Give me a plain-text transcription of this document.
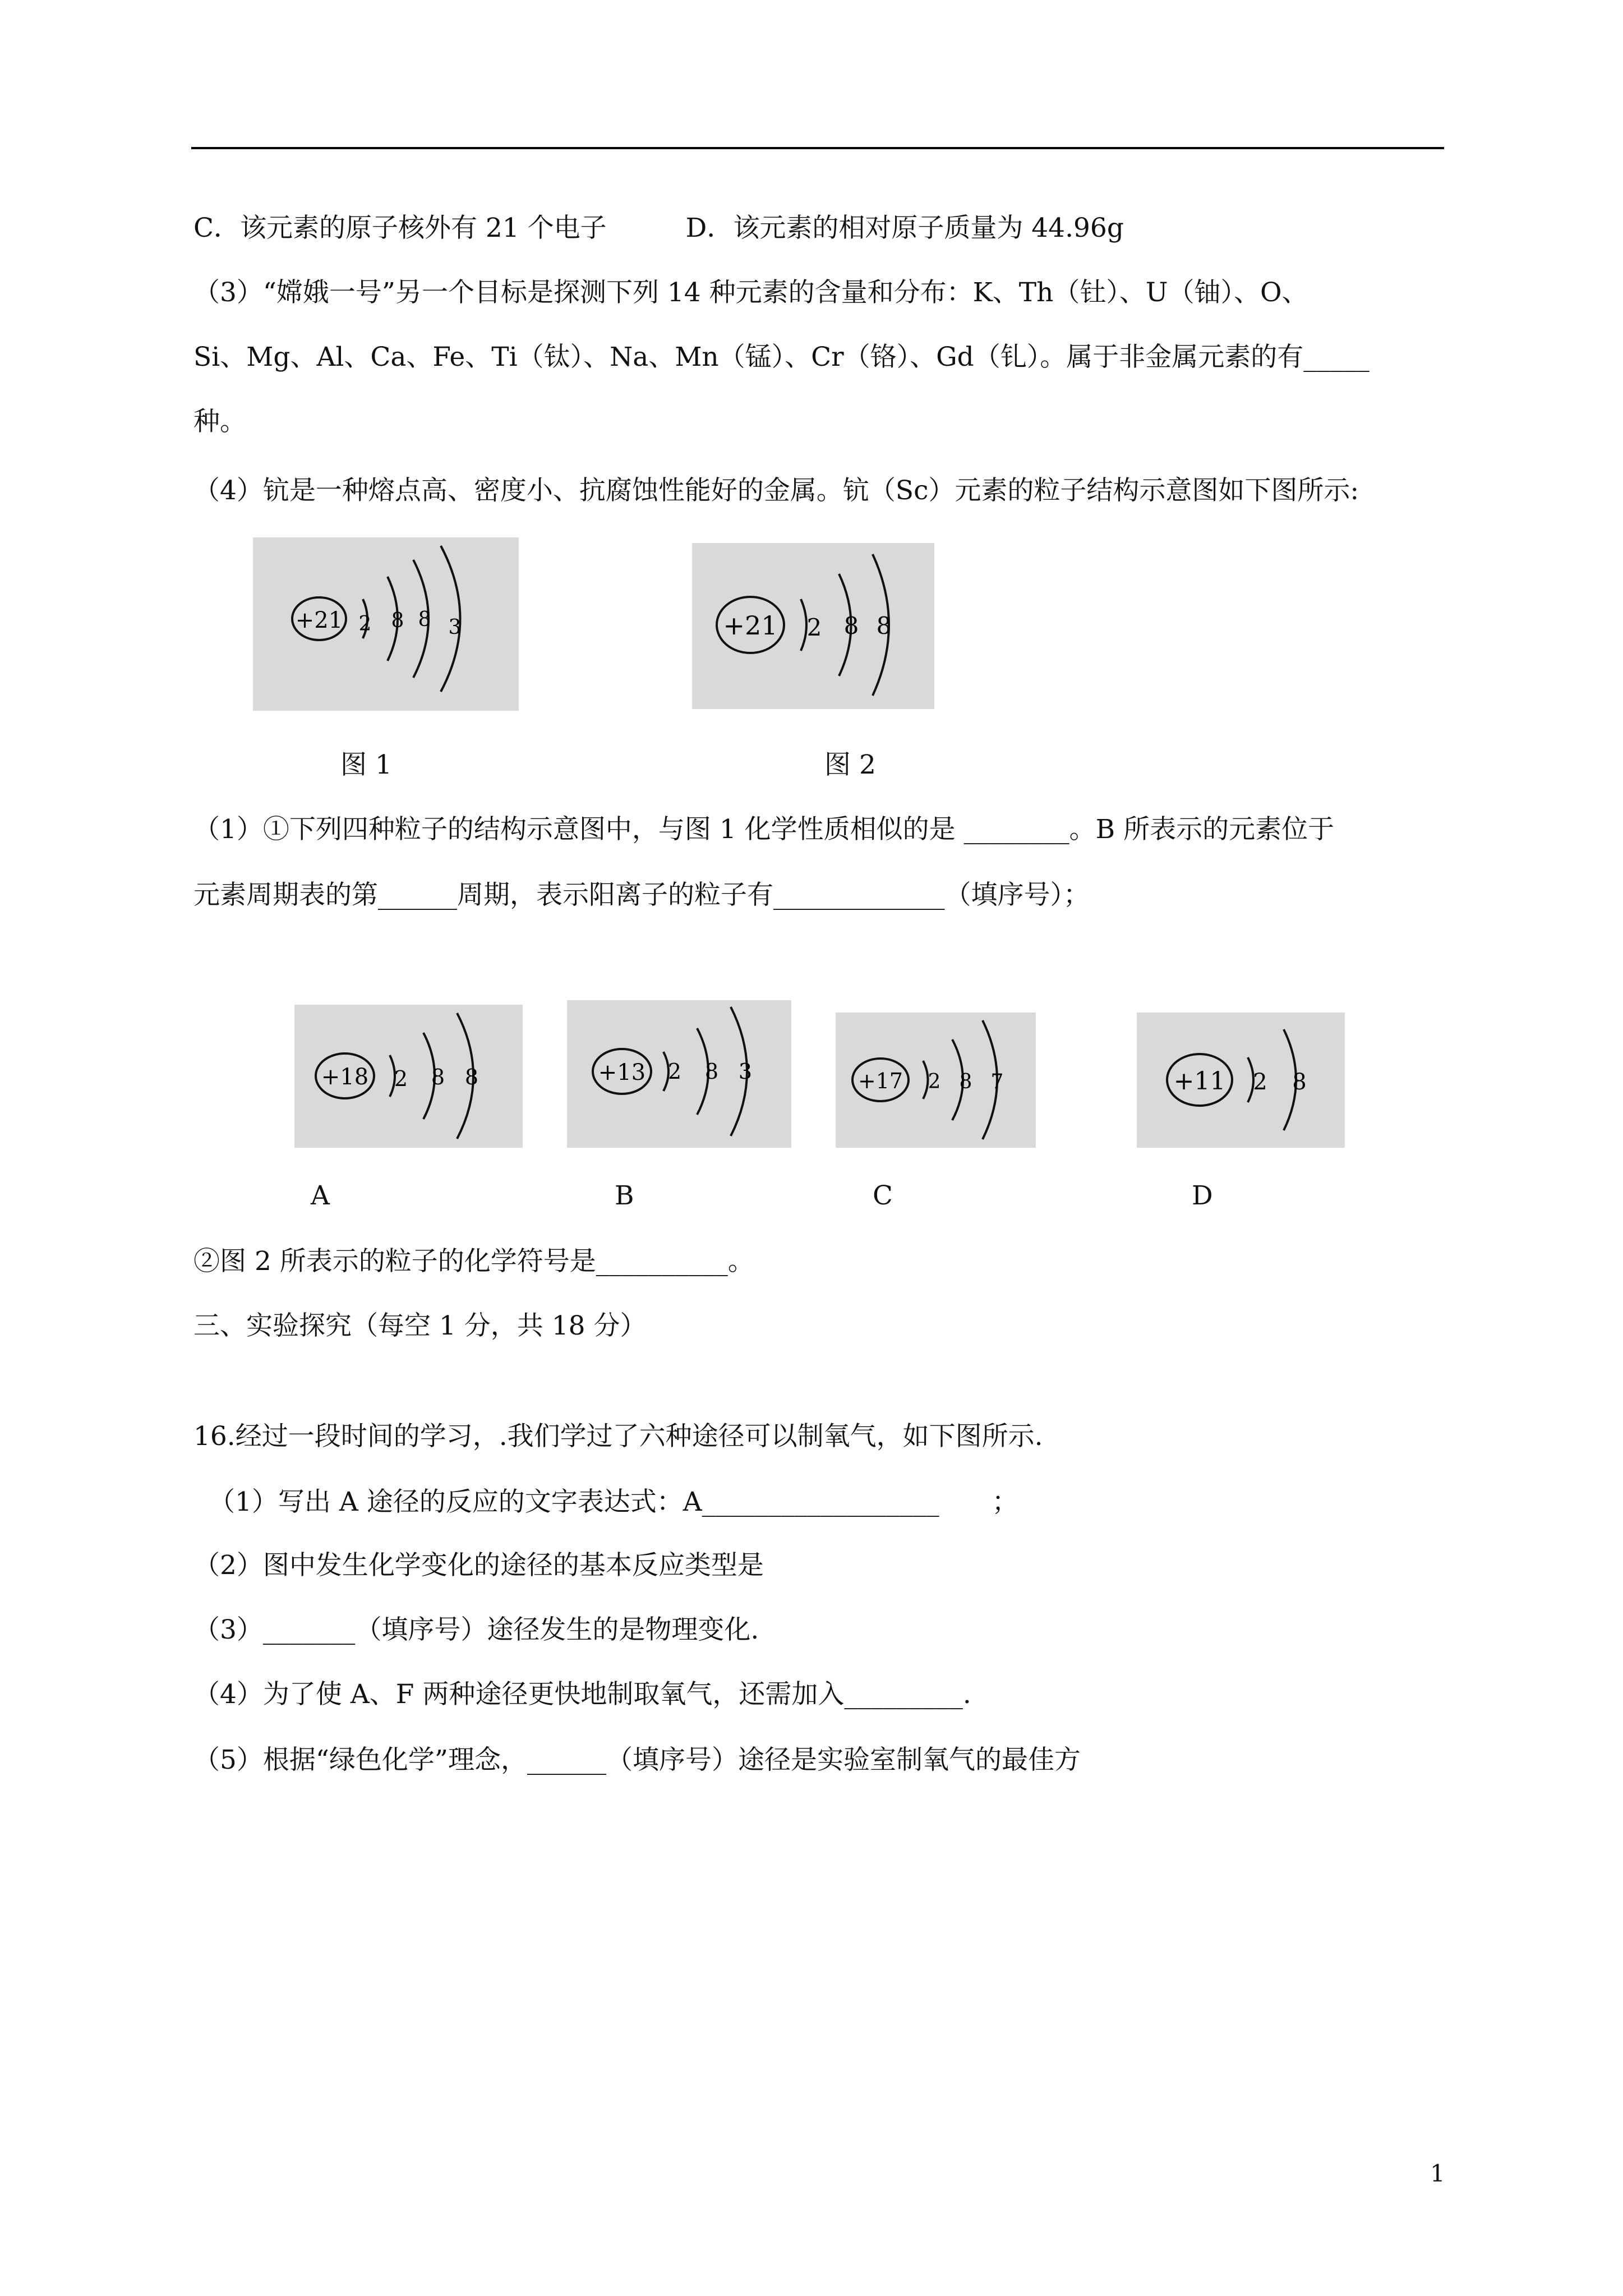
C．该元素的原子核外有 21 个电子　　　D．该元素的相对原子质量为 44.96g
（3）“嫦娥一号”另一个目标是探测下列 14 种元素的含量和分布：K、Th（钍）、U（铀）、O、
Si、Mg、Al、Ca、Fe、Ti（钛）、Na、Mn（锰）、Cr（铬）、Gd（钆）。属于非金属元素的有_____
种。
（4）钪是一种熔点高、密度小、抗腐蚀性能好的金属。钪（Sc）元素的粒子结构示意图如下图所示:
+21 2 8 8 3	+21 2 8 8
图 1	图 2
（1）①下列四种粒子的结构示意图中，与图 1 化学性质相似的是 ________。B 所表示的元素位于
元素周期表的第______周期，表示阳离子的粒子有_____________（填序号）；
+18 2 8 8	+13 2 8 3	+17 2 8 7	+11 2 8
A	B	C	D
②图 2 所表示的粒子的化学符号是__________。
三、实验探究（每空 1 分，共 18 分）
16.经过一段时间的学习，.我们学过了六种途径可以制氧气，如下图所示.
（1）写出 A 途径的反应的文字表达式：A__________________　　；
（2）图中发生化学变化的途径的基本反应类型是
（3）_______（填序号）途径发生的是物理变化.
（4）为了使 A、F 两种途径更快地制取氧气，还需加入_________.
（5）根据“绿色化学”理念，______（填序号）途径是实验室制氧气的最佳方
1
